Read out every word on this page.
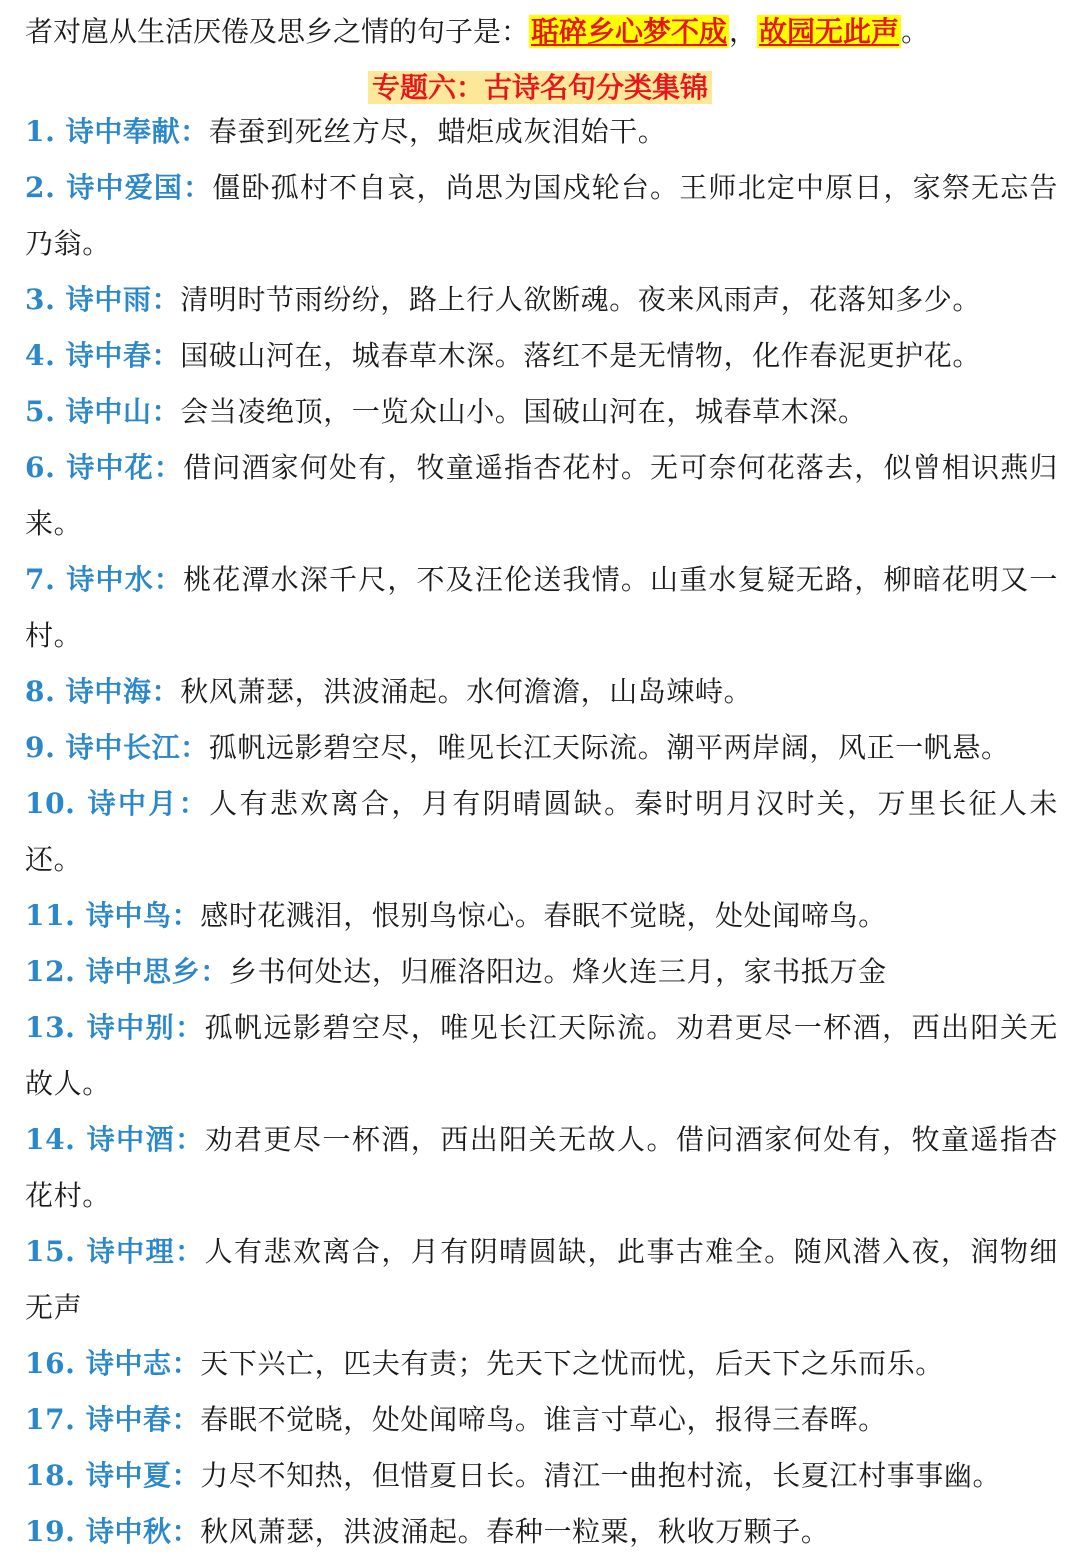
者对扈从生活厌倦及思乡之情的句子是：聒碎乡心梦不成，故园无此声。
专题六：古诗名句分类集锦
1. 诗中奉献：春蚕到死丝方尽，蜡炬成灰泪始干。
2. 诗中爱国：僵卧孤村不自哀，尚思为国戍轮台。王师北定中原日，家祭无忘告乃翁。
3. 诗中雨：清明时节雨纷纷，路上行人欲断魂。夜来风雨声，花落知多少。
4. 诗中春：国破山河在，城春草木深。落红不是无情物，化作春泥更护花。
5. 诗中山：会当凌绝顶，一览众山小。国破山河在，城春草木深。
6. 诗中花：借问酒家何处有，牧童遥指杏花村。无可奈何花落去，似曾相识燕归来。
7. 诗中水：桃花潭水深千尺，不及汪伦送我情。山重水复疑无路，柳暗花明又一村。
8. 诗中海：秋风萧瑟，洪波涌起。水何澹澹，山岛竦峙。
9. 诗中长江：孤帆远影碧空尽，唯见长江天际流。潮平两岸阔，风正一帆悬。
10. 诗中月：人有悲欢离合，月有阴晴圆缺。秦时明月汉时关，万里长征人未还。
11. 诗中鸟：感时花溅泪，恨别鸟惊心。春眠不觉晓，处处闻啼鸟。
12. 诗中思乡：乡书何处达，归雁洛阳边。烽火连三月，家书抵万金
13. 诗中别：孤帆远影碧空尽，唯见长江天际流。劝君更尽一杯酒，西出阳关无故人。
14. 诗中酒：劝君更尽一杯酒，西出阳关无故人。借问酒家何处有，牧童遥指杏花村。
15. 诗中理：人有悲欢离合，月有阴晴圆缺，此事古难全。随风潜入夜，润物细无声
16. 诗中志：天下兴亡，匹夫有责；先天下之忧而忧，后天下之乐而乐。
17. 诗中春：春眠不觉晓，处处闻啼鸟。谁言寸草心，报得三春晖。
18. 诗中夏：力尽不知热，但惜夏日长。清江一曲抱村流，长夏江村事事幽。
19. 诗中秋：秋风萧瑟，洪波涌起。春种一粒粟，秋收万颗子。
